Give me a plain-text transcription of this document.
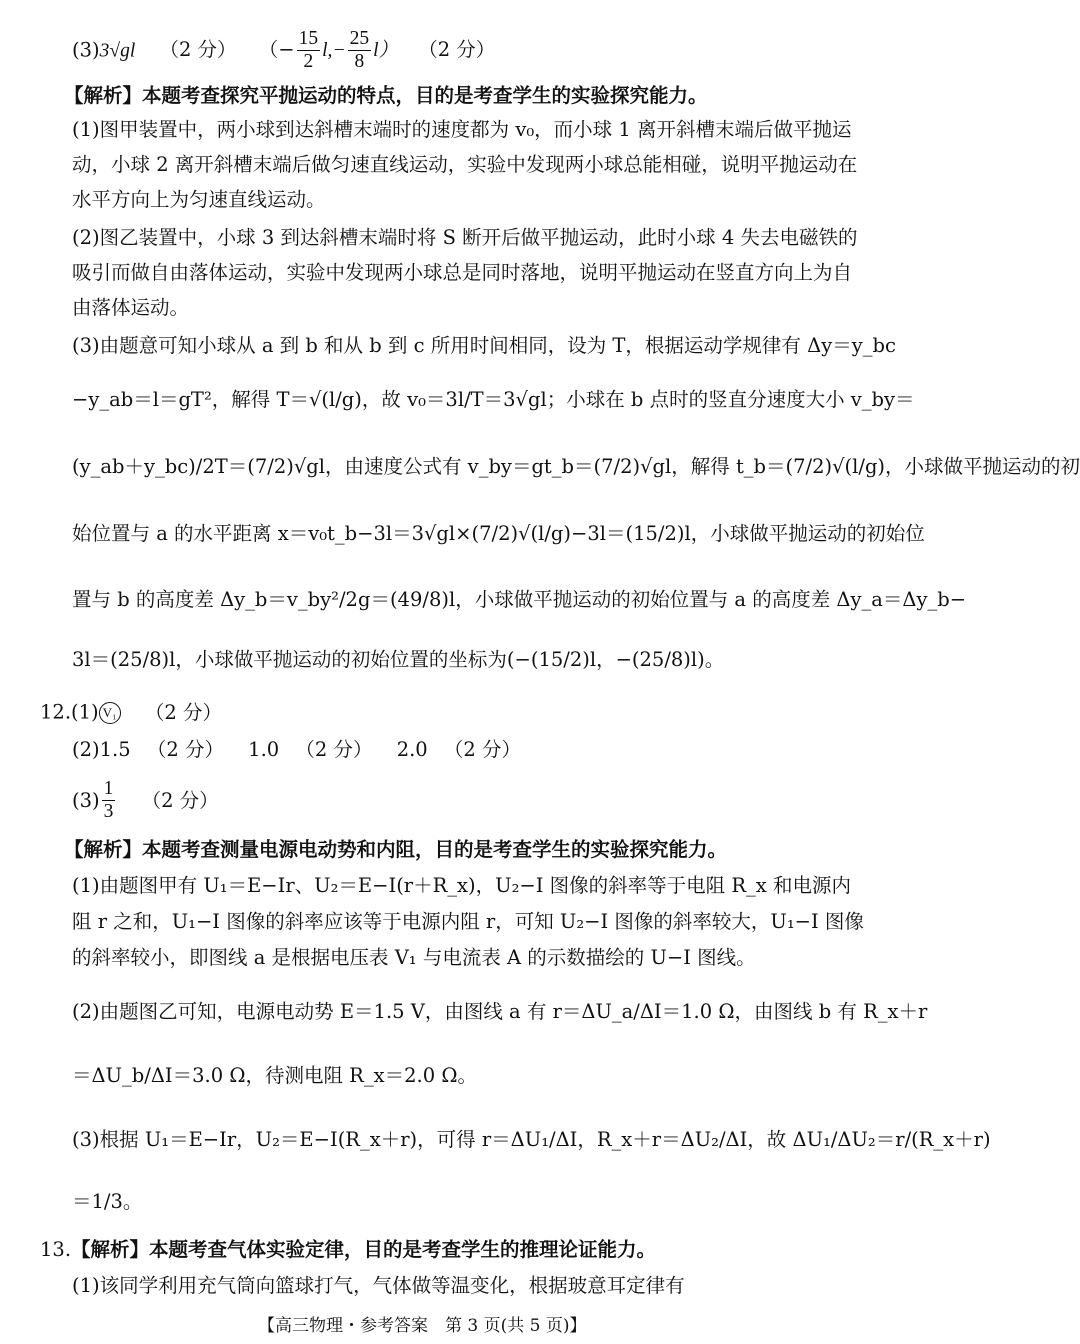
(3)3√gl （2 分） （− $\frac{15}{2} l,- \frac{25}{8} l$） （2 分）
【解析】本题考查探究平抛运动的特点，目的是考查学生的实验探究能力。
(1)图甲装置中，两小球到达斜槽末端时的速度都为 v₀，而小球 1 离开斜槽末端后做平抛运
动，小球 2 离开斜槽末端后做匀速直线运动，实验中发现两小球总能相碰，说明平抛运动在
水平方向上为匀速直线运动。
(2)图乙装置中，小球 3 到达斜槽末端时将 S 断开后做平抛运动，此时小球 4 失去电磁铁的
吸引而做自由落体运动，实验中发现两小球总是同时落地，说明平抛运动在竖直方向上为自
由落体运动。
(3)由题意可知小球从 a 到 b 和从 b 到 c 所用时间相同，设为 T，根据运动学规律有 Δy＝y_bc
−y_ab＝l＝gT²，解得 T＝√(l/g)，故 v₀＝3l/T＝3√gl；小球在 b 点时的竖直分速度大小 v_by＝
(y_ab＋y_bc)/2T＝(7/2)√gl，由速度公式有 v_by＝gt_b＝(7/2)√gl，解得 t_b＝(7/2)√(l/g)，小球做平抛运动的初
始位置与 a 的水平距离 x＝v₀t_b−3l＝3√gl×(7/2)√(l/g)−3l＝(15/2)l，小球做平抛运动的初始位
置与 b 的高度差 Δy_b＝v_by²/2g＝(49/8)l，小球做平抛运动的初始位置与 a 的高度差 Δy_a＝Δy_b−
3l＝(25/8)l，小球做平抛运动的初始位置的坐标为(−(15/2)l，−(25/8)l)。
12.(1) V₁ （2 分）
(2)1.5 （2 分） 1.0 （2 分） 2.0 （2 分）
$(3) \frac{1}{3} (2$ 分）
【解析】本题考查测量电源电动势和内阻，目的是考查学生的实验探究能力。
(1)由题图甲有 U₁＝E−Ir、U₂＝E−I(r＋R_x)，U₂−I 图像的斜率等于电阻 R_x 和电源内
阻 r 之和，U₁−I 图像的斜率应该等于电源内阻 r，可知 U₂−I 图像的斜率较大，U₁−I 图像
的斜率较小，即图线 a 是根据电压表 V₁ 与电流表 A 的示数描绘的 U−I 图线。
(2)由题图乙可知，电源电动势 E＝1.5 V，由图线 a 有 r＝ΔU_a/ΔI＝1.0 Ω，由图线 b 有 R_x＋r
＝ΔU_b/ΔI＝3.0 Ω，待测电阻 R_x＝2.0 Ω。
(3)根据 U₁＝E−Ir，U₂＝E−I(R_x＋r)，可得 r＝ΔU₁/ΔI，R_x＋r＝ΔU₂/ΔI，故 ΔU₁/ΔU₂＝r/(R_x＋r)
＝1/3。
13.【解析】本题考查气体实验定律，目的是考查学生的推理论证能力。
(1)该同学利用充气筒向篮球打气，气体做等温变化，根据玻意耳定律有
【高三物理・参考答案　第 3 页(共 5 页)】
